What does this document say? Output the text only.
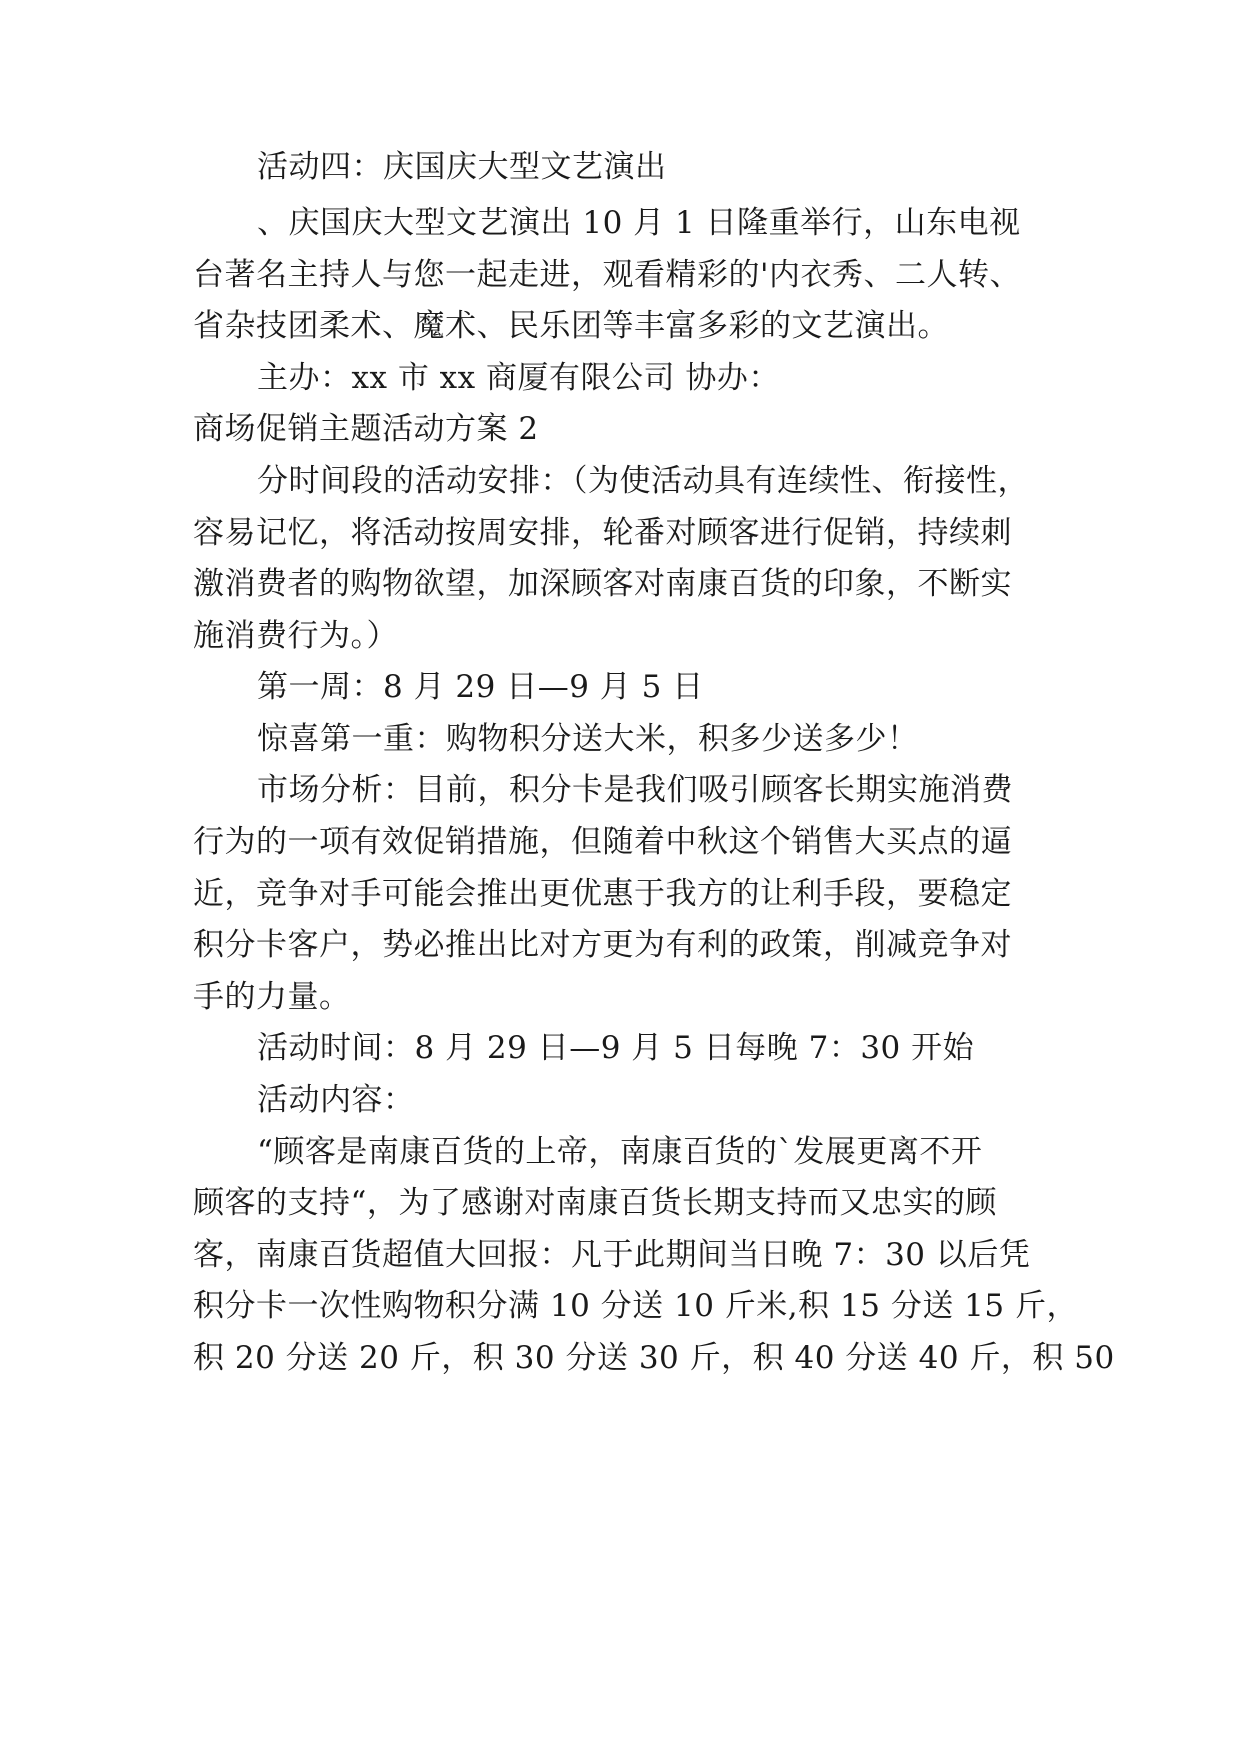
活动四：庆国庆大型文艺演出
、庆国庆大型文艺演出 10 月 1 日隆重举行，山东电视
台著名主持人与您一起走进，观看精彩的'内衣秀、二人转、
省杂技团柔术、魔术、民乐团等丰富多彩的文艺演出。
主办：xx 市 xx 商厦有限公司 协办：
商场促销主题活动方案 2
分时间段的活动安排：（为使活动具有连续性、衔接性，
容易记忆，将活动按周安排，轮番对顾客进行促销，持续刺
激消费者的购物欲望，加深顾客对南康百货的印象，不断实
施消费行为。）
第一周：8 月 29 日—9 月 5 日
惊喜第一重：购物积分送大米，积多少送多少！
市场分析：目前，积分卡是我们吸引顾客长期实施消费
行为的一项有效促销措施，但随着中秋这个销售大买点的逼
近，竞争对手可能会推出更优惠于我方的让利手段，要稳定
积分卡客户，势必推出比对方更为有利的政策，削减竞争对
手的力量。
活动时间：8 月 29 日—9 月 5 日每晚 7：30 开始
活动内容：
“顾客是南康百货的上帝，南康百货的`发展更离不开
顾客的支持“，为了感谢对南康百货长期支持而又忠实的顾
客，南康百货超值大回报：凡于此期间当日晚 7：30 以后凭
积分卡一次性购物积分满 10 分送 10 斤米,积 15 分送 15 斤，
积 20 分送 20 斤，积 30 分送 30 斤，积 40 分送 40 斤，积 50
